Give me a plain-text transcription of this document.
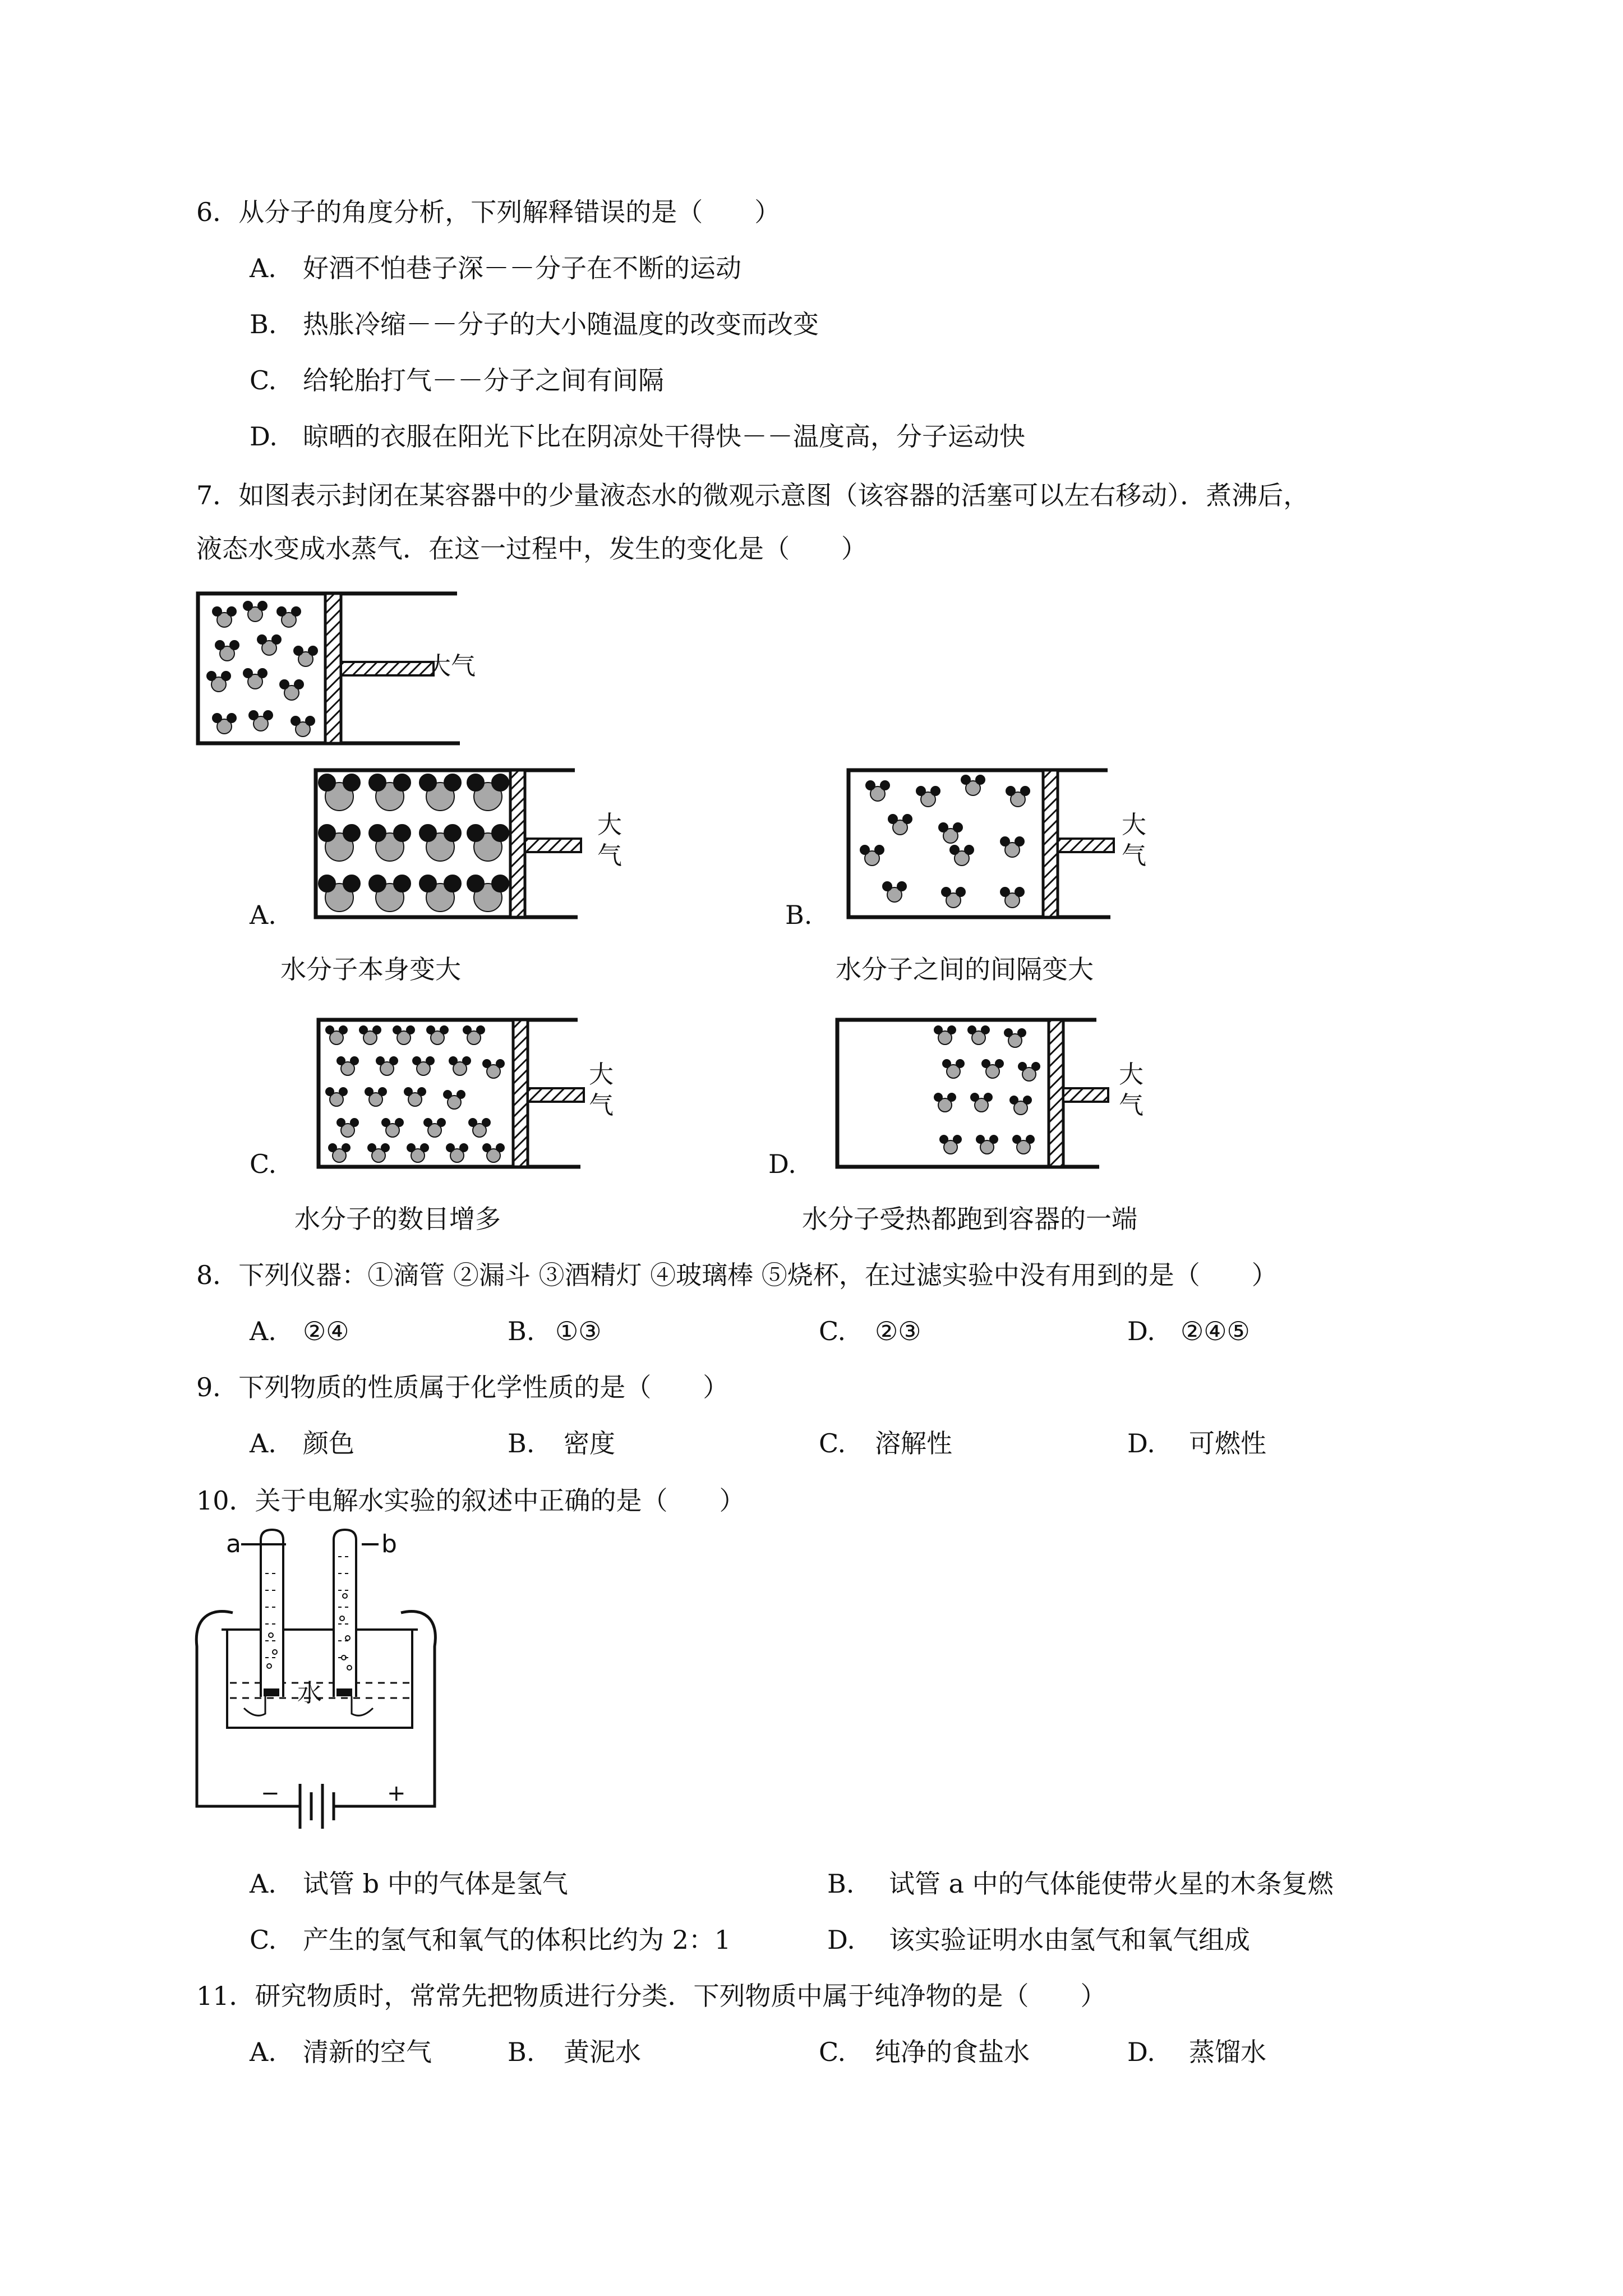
6．从分子的角度分析，下列解释错误的是（　　）
A. 好酒不怕巷子深－－分子在不断的运动
B. 热胀冷缩－－分子的大小随温度的改变而改变
C. 给轮胎打气－－分子之间有间隔
D. 晾晒的衣服在阳光下比在阴凉处干得快－－温度高，分子运动快
7．如图表示封闭在某容器中的少量液态水的微观示意图（该容器的活塞可以左右移动）．煮沸后，
液态水变成水蒸气．在这一过程中，发生的变化是（　　）
大气
大
气
A.
水分子本身变大
大
气
B.
水分子之间的间隔变大
大
气
C.
水分子的数目增多
大
气
D.
水分子受热都跑到容器的一端
8．下列仪器：①滴管 ②漏斗 ③酒精灯 ④玻璃棒 ⑤烧杯，在过滤实验中没有用到的是（　　）
A. ②④	B. ①③	C. ②③	D. ②④⑤
9．下列物质的性质属于化学性质的是（　　）
A. 颜色	B. 密度	C. 溶解性	D. 可燃性
10．关于电解水实验的叙述中正确的是（　　）
a	b
水
−	+
A. 试管 b 中的气体是氢气	B. 试管 a 中的气体能使带火星的木条复燃
C. 产生的氢气和氧气的体积比约为 2：1	D. 该实验证明水由氢气和氧气组成
11．研究物质时，常常先把物质进行分类．下列物质中属于纯净物的是（　　）
A. 清新的空气	B. 黄泥水	C. 纯净的食盐水	D. 蒸馏水
